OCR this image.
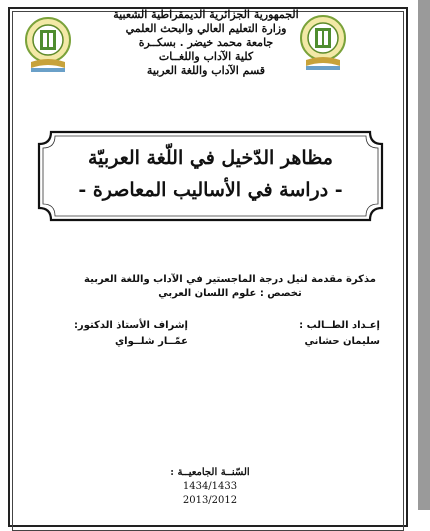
الجمهورية الجزائرية الديمقراطية الشعبية
وزارة التعليم العالي والبحث العلمي
جامعة محمد خيضر . بسكــرة
كلية الآداب واللغــات
قسم الآداب واللغة العربية
مظاهر الدّخيل في اللّغة العربيّة
- دراسة في الأساليب المعاصرة -
مذكرة مقدمة لنيل درجة الماجستير في الآداب واللغة العربية
تخصص : علوم اللسان العربي
إعـداد الطــالب :
سليمان حشاني
إشراف الأستاذ الدكتور:
عمّــار شلــواي
السّنــة الجامعيــة :
1434/1433
2013/2012
